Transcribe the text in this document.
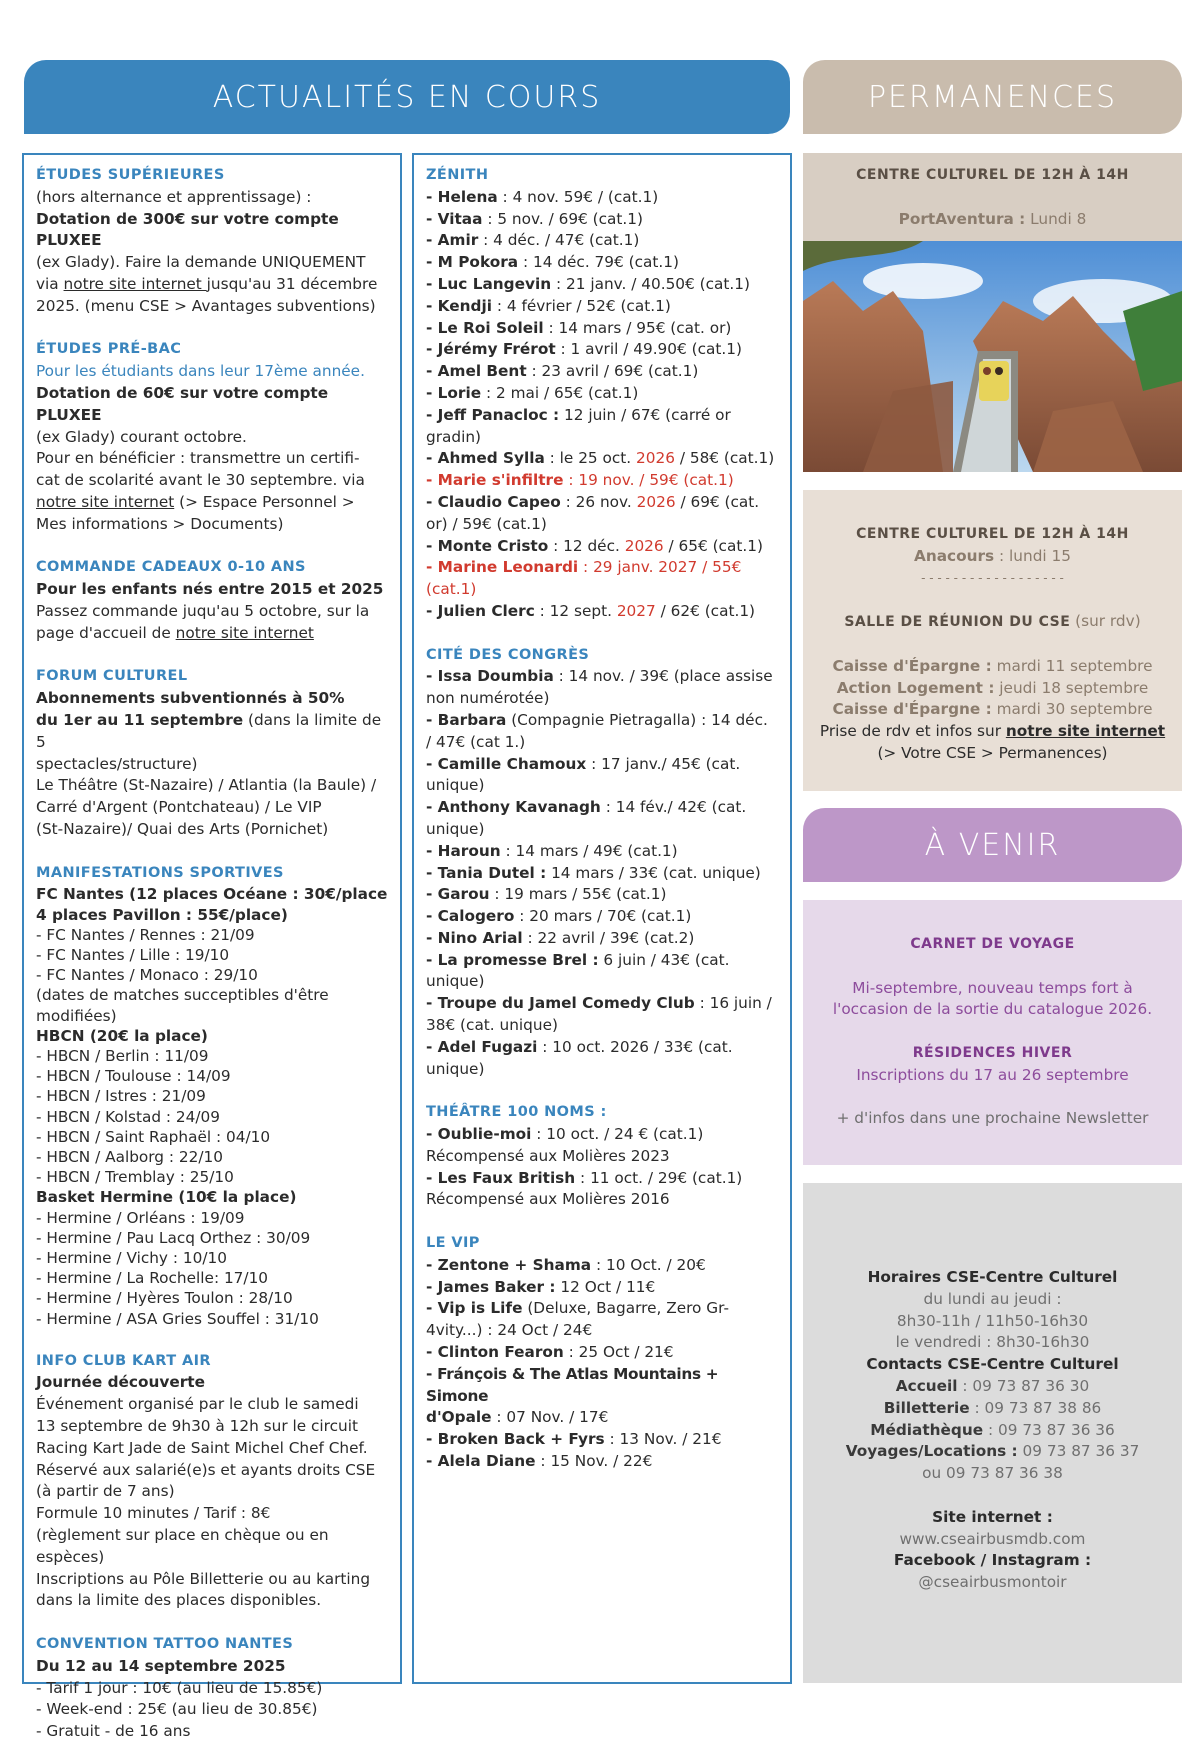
ACTUALITÉS EN COURS	PERMANENCES
À VENIR
ÉTUDES SUPÉRIEURES
(hors alternance et apprentissage) :
Dotation de 300€ sur votre compte PLUXEE
(ex Glady). Faire la demande UNIQUEMENT
via notre site internet jusqu'au 31 décembre
2025. (menu CSE > Avantages subventions)
ÉTUDES PRÉ-BAC
Pour les étudiants dans leur 17ème année.
Dotation de 60€ sur votre compte PLUXEE
(ex Glady) courant octobre.
Pour en bénéficier : transmettre un certifi-
cat de scolarité avant le 30 septembre. via
notre site internet (> Espace Personnel >
Mes informations > Documents)
COMMANDE CADEAUX 0-10 ANS
Pour les enfants nés entre 2015 et 2025
Passez commande juqu'au 5 octobre, sur la
page d'accueil de notre site internet
FORUM CULTUREL
Abonnements subventionnés à 50%
du 1er au 11 septembre (dans la limite de 5
spectacles/structure)
Le Théâtre (St-Nazaire) / Atlantia (la Baule) /
Carré d'Argent (Pontchateau) / Le VIP
(St-Nazaire)/ Quai des Arts (Pornichet)
MANIFESTATIONS SPORTIVES
FC Nantes (12 places Océane : 30€/place
4 places Pavillon : 55€/place)
- FC Nantes / Rennes : 21/09
- FC Nantes / Lille : 19/10
- FC Nantes / Monaco : 29/10
(dates de matches succeptibles d'être
modifiées)
HBCN (20€ la place)
- HBCN / Berlin : 11/09
- HBCN / Toulouse : 14/09
- HBCN / Istres : 21/09
- HBCN / Kolstad : 24/09
- HBCN / Saint Raphaël : 04/10
- HBCN / Aalborg : 22/10
- HBCN / Tremblay : 25/10
Basket Hermine (10€ la place)
- Hermine / Orléans : 19/09
- Hermine / Pau Lacq Orthez : 30/09
- Hermine / Vichy : 10/10
- Hermine / La Rochelle: 17/10
- Hermine / Hyères Toulon : 28/10
- Hermine / ASA Gries Souffel : 31/10
INFO CLUB KART AIR
Journée découverte
Événement organisé par le club le samedi
13 septembre de 9h30 à 12h sur le circuit
Racing Kart Jade de Saint Michel Chef Chef.
Réservé aux salarié(e)s et ayants droits CSE
(à partir de 7 ans)
Formule 10 minutes / Tarif : 8€
(règlement sur place en chèque ou en
espèces)
Inscriptions au Pôle Billetterie ou au karting
dans la limite des places disponibles.
CONVENTION TATTOO NANTES
Du 12 au 14 septembre 2025
- Tarif 1 jour : 10€ (au lieu de 15.85€)
- Week-end : 25€ (au lieu de 30.85€)
- Gratuit - de 16 ans
ZÉNITH
- Helena : 4 nov. 59€ / (cat.1)
- Vitaa : 5 nov. / 69€ (cat.1)
- Amir : 4 déc. / 47€ (cat.1)
- M Pokora : 14 déc. 79€ (cat.1)
- Luc Langevin : 21 janv. / 40.50€ (cat.1)
- Kendji : 4 février / 52€ (cat.1)
- Le Roi Soleil : 14 mars / 95€ (cat. or)
- Jérémy Frérot : 1 avril / 49.90€ (cat.1)
- Amel Bent : 23 avril / 69€ (cat.1)
- Lorie : 2 mai / 65€ (cat.1)
- Jeff Panacloc : 12 juin / 67€ (carré or
gradin)
- Ahmed Sylla : le 25 oct. 2026 / 58€ (cat.1)
- Marie s'infiltre : 19 nov. / 59€ (cat.1)
- Claudio Capeo : 26 nov. 2026 / 69€ (cat.
or) / 59€ (cat.1)
- Monte Cristo : 12 déc. 2026 / 65€ (cat.1)
- Marine Leonardi : 29 janv. 2027 / 55€
(cat.1)
- Julien Clerc : 12 sept. 2027 / 62€ (cat.1)
CITÉ DES CONGRÈS
- Issa Doumbia : 14 nov. / 39€ (place assise
non numérotée)
- Barbara (Compagnie Pietragalla) : 14 déc.
/ 47€ (cat 1.)
- Camille Chamoux : 17 janv./ 45€ (cat.
unique)
- Anthony Kavanagh : 14 fév./ 42€ (cat.
unique)
- Haroun : 14 mars / 49€ (cat.1)
- Tania Dutel : 14 mars / 33€ (cat. unique)
- Garou : 19 mars / 55€ (cat.1)
- Calogero : 20 mars / 70€ (cat.1)
- Nino Arial : 22 avril / 39€ (cat.2)
- La promesse Brel : 6 juin / 43€ (cat.
unique)
- Troupe du Jamel Comedy Club : 16 juin /
38€ (cat. unique)
- Adel Fugazi : 10 oct. 2026 / 33€ (cat.
unique)
THÉÂTRE 100 NOMS :
- Oublie-moi : 10 oct. / 24 € (cat.1)
Récompensé aux Molières 2023
- Les Faux British : 11 oct. / 29€ (cat.1)
Récompensé aux Molières 2016
LE VIP
- Zentone + Shama : 10 Oct. / 20€
- James Baker : 12 Oct / 11€
- Vip is Life (Deluxe, Bagarre, Zero Gr-
4vity...) : 24 Oct / 24€
- Clinton Fearon : 25 Oct / 21€
- Fránçois & The Atlas Mountains + Simone
d'Opale : 07 Nov. / 17€
- Broken Back + Fyrs : 13 Nov. / 21€
- Alela Diane : 15 Nov. / 22€
CENTRE CULTUREL DE 12H À 14H
PortAventura : Lundi 8
CENTRE CULTUREL DE 12H À 14H
Anacours : lundi 15
- - - - - - - - - - - - - - - - - -
SALLE DE RÉUNION DU CSE (sur rdv)
Caisse d'Épargne : mardi 11 septembre
Action Logement : jeudi 18 septembre
Caisse d'Épargne : mardi 30 septembre
Prise de rdv et infos sur notre site internet
(> Votre CSE > Permanences)
CARNET DE VOYAGE
Mi-septembre, nouveau temps fort à
l'occasion de la sortie du catalogue 2026.
RÉSIDENCES HIVER
Inscriptions du 17 au 26 septembre
+ d'infos dans une prochaine Newsletter
Horaires CSE-Centre Culturel
du lundi au jeudi :
8h30-11h / 11h50-16h30
le vendredi : 8h30-16h30
Contacts CSE-Centre Culturel
Accueil : 09 73 87 36 30
Billetterie : 09 73 87 38 86
Médiathèque : 09 73 87 36 36
Voyages/Locations : 09 73 87 36 37
ou 09 73 87 36 38
Site internet :
www.cseairbusmdb.com
Facebook / Instagram :
@cseairbusmontoir
